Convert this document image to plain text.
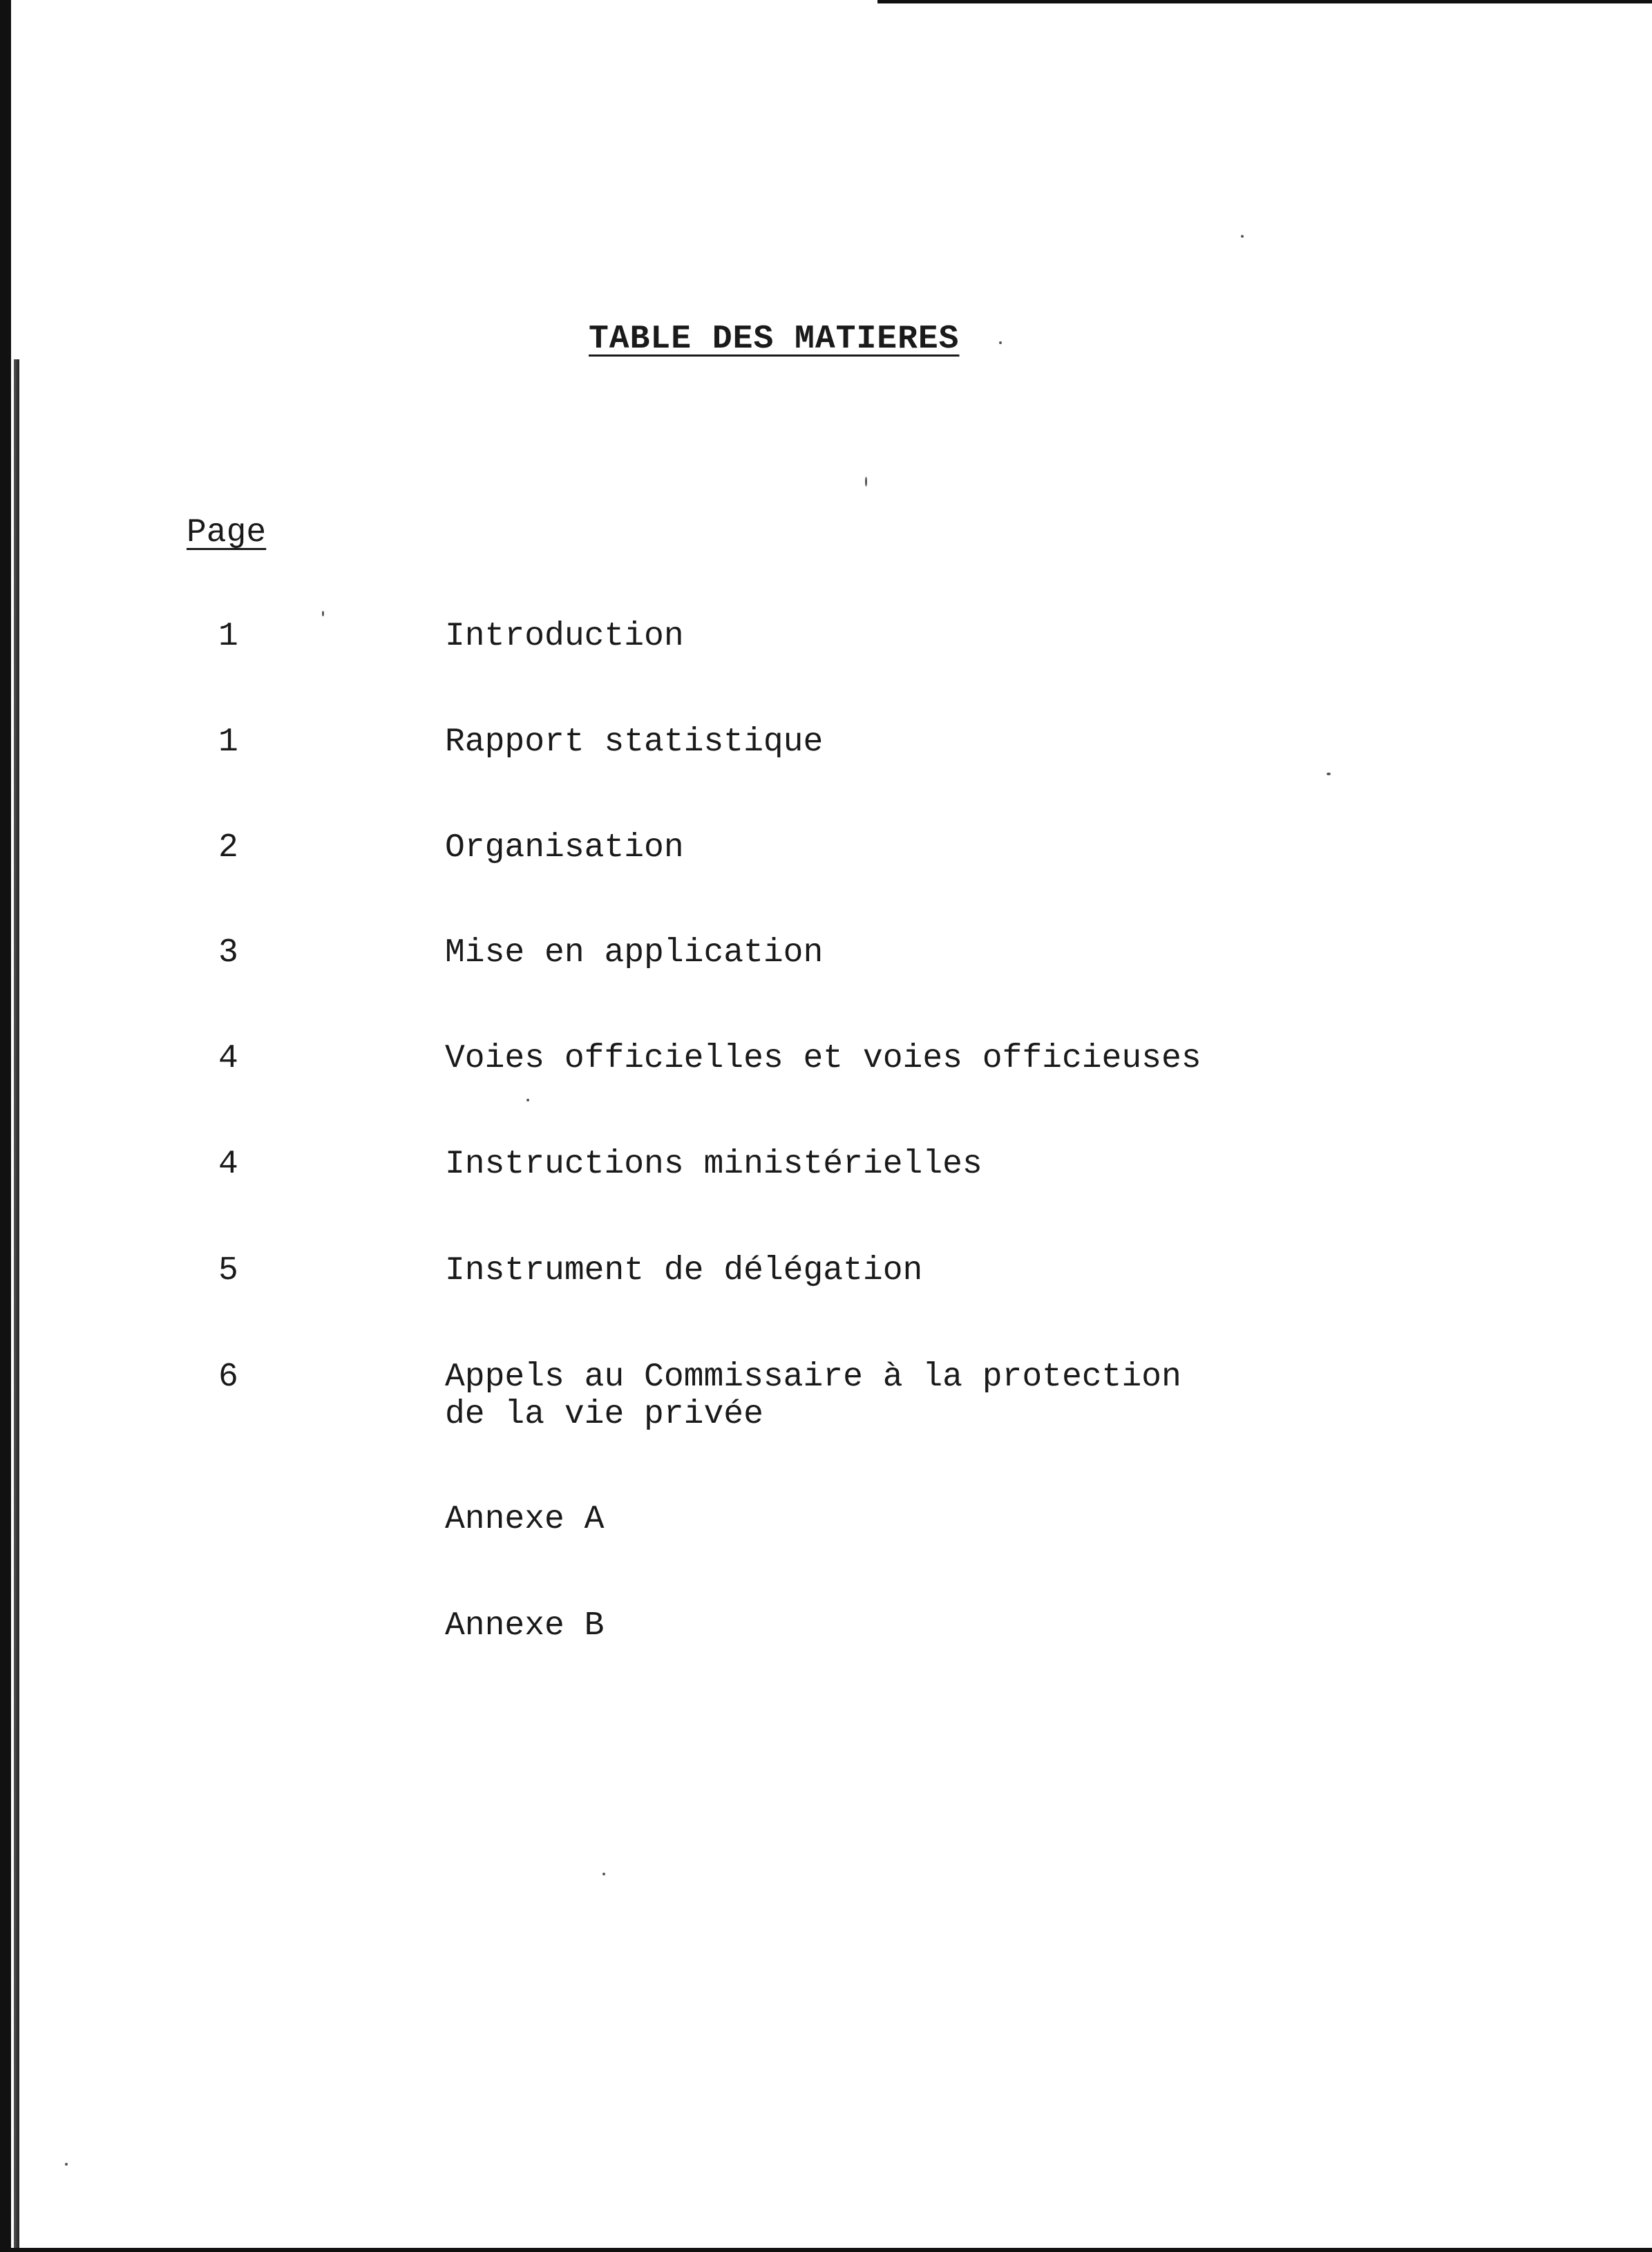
TABLE DES MATIERES
Page
1	Introduction
1	Rapport statistique
2	Organisation
3	Mise en application
4	Voies officielles et voies officieuses
4	Instructions ministérielles
5	Instrument de délégation
6	Appels au Commissaire à la protection
de la vie privée
Annexe A
Annexe B
